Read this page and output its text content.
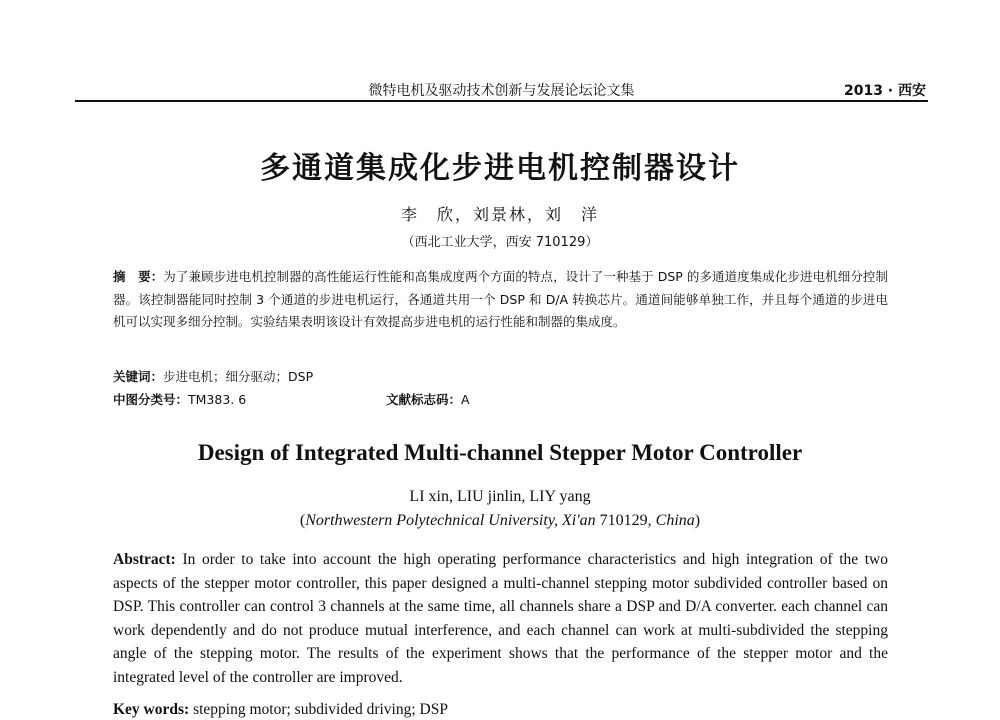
微特电机及驱动技术创新与发展论坛论文集	2013 · 西安
多通道集成化步进电机控制器设计
李　欣，刘景林，刘　洋
（西北工业大学，西安 710129）
摘　要：为了兼顾步进电机控制器的高性能运行性能和高集成度两个方面的特点，设计了一种基于 DSP 的多通道度集成化步进电机细分控制器。该控制器能同时控制 3 个通道的步进电机运行，各通道共用一个 DSP 和 D/A 转换芯片。通道间能够单独工作，并且每个通道的步进电机可以实现多细分控制。实验结果表明该设计有效提高步进电机的运行性能和制器的集成度。
关键词：步进电机；细分驱动；DSP
中图分类号：TM383. 6	文献标志码：A
Design of Integrated Multi-channel Stepper Motor Controller
LI xin, LIU jinlin, LIY yang
(Northwestern Polytechnical University, Xi'an 710129, China)
Abstract: In order to take into account the high operating performance characteristics and high integration of the two aspects of the stepper motor controller, this paper designed a multi-channel stepping motor subdivided controller based on DSP. This controller can control 3 channels at the same time, all channels share a DSP and D/A converter. each channel can work dependently and do not produce mutual interference, and each channel can work at multi-subdivided the stepping angle of the stepping motor. The results of the experiment shows that the performance of the stepper motor and the integrated level of the controller are improved.
Key words: stepping motor; subdivided driving; DSP
